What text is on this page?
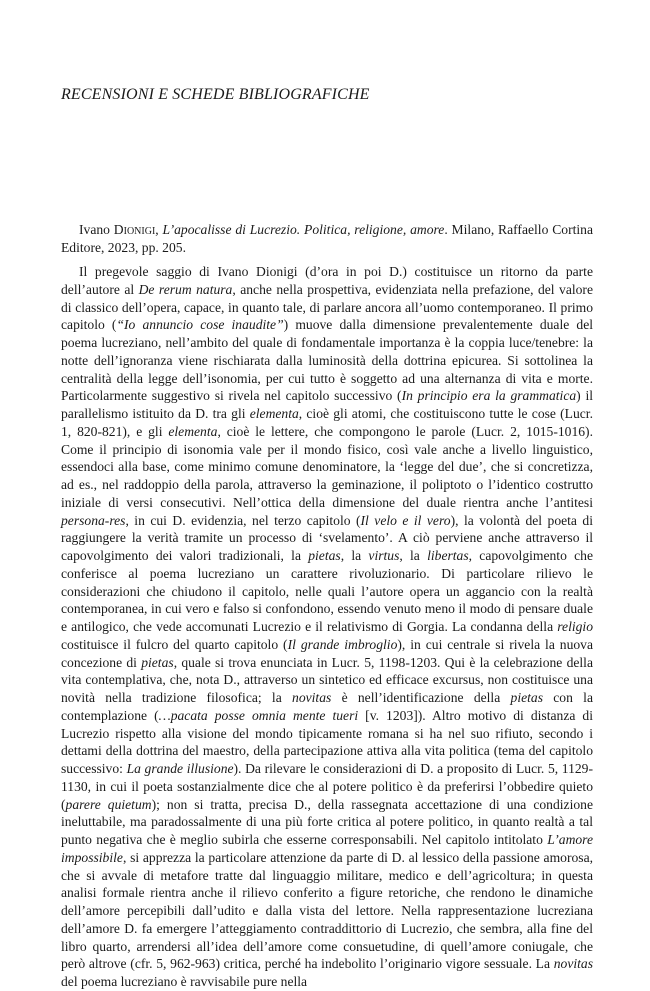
RECENSIONI E SCHEDE BIBLIOGRAFICHE

Ivano Dionigi, L’apocalisse di Lucrezio. Politica, religione, amore. Milano, Raffaello Cortina Editore, 2023, pp. 205.

Il pregevole saggio di Ivano Dionigi (d’ora in poi D.) costituisce un ritorno da parte dell’autore al De rerum natura, anche nella prospettiva, evidenziata nella prefazione, del valore di classico dell’opera, capace, in quanto tale, di parlare ancora all’uomo contemporaneo. Il primo capitolo (“Io annuncio cose inaudite”) muove dalla dimensione prevalentemente duale del poema lucreziano, nell’ambito del quale di fondamentale importanza è la coppia luce/tenebre: la notte dell’ignoranza viene rischiarata dalla luminosità della dottrina epicurea. Si sottolinea la centralità della legge dell’isonomia, per cui tutto è soggetto ad una alternanza di vita e morte. Particolarmente suggestivo si rivela nel capitolo successivo (In principio era la grammatica) il parallelismo istituito da D. tra gli elementa, cioè gli atomi, che costituiscono tutte le cose (Lucr. 1, 820-821), e gli elementa, cioè le lettere, che compongono le parole (Lucr. 2, 1015-1016). Come il principio di isonomia vale per il mondo fisico, così vale anche a livello linguistico, essendoci alla base, come minimo comune denominatore, la ‘legge del due’, che si concretizza, ad es., nel raddoppio della parola, attraverso la geminazione, il poliptoto o l’identico costrutto iniziale di versi consecutivi. Nell’ottica della dimensione del duale rientra anche l’antitesi persona-res, in cui D. evidenzia, nel terzo capitolo (Il velo e il vero), la volontà del poeta di raggiungere la verità tramite un processo di ‘svelamento’. A ciò perviene anche attraverso il capovolgimento dei valori tradizionali, la pietas, la virtus, la libertas, capovolgimento che conferisce al poema lucreziano un carattere rivoluzionario. Di particolare rilievo le considerazioni che chiudono il capitolo, nelle quali l’autore opera un aggancio con la realtà contemporanea, in cui vero e falso si confondono, essendo venuto meno il modo di pensare duale e antilogico, che vede accomunati Lucrezio e il relativismo di Gorgia. La condanna della religio costituisce il fulcro del quarto capitolo (Il grande imbroglio), in cui centrale si rivela la nuova concezione di pietas, quale si trova enunciata in Lucr. 5, 1198-1203. Qui è la celebrazione della vita contemplativa, che, nota D., attraverso un sintetico ed efficace excursus, non costituisce una novità nella tradizione filosofica; la novitas è nell’identificazione della pietas con la contemplazione (…pacata posse omnia mente tueri [v. 1203]). Altro motivo di distanza di Lucrezio rispetto alla visione del mondo tipicamente romana si ha nel suo rifiuto, secondo i dettami della dottrina del maestro, della partecipazione attiva alla vita politica (tema del capitolo successivo: La grande illusione). Da rilevare le considerazioni di D. a proposito di Lucr. 5, 1129-1130, in cui il poeta sostanzialmente dice che al potere politico è da preferirsi l’obbedire quieto (parere quietum); non si tratta, precisa D., della rassegnata accettazione di una condizione ineluttabile, ma paradossalmente di una più forte critica al potere politico, in quanto realtà a tal punto negativa che è meglio subirla che esserne corresponsabili. Nel capitolo intitolato L’amore impossibile, si apprezza la particolare attenzione da parte di D. al lessico della passione amorosa, che si avvale di metafore tratte dal linguaggio militare, medico e dell’agricoltura; in questa analisi formale rientra anche il rilievo conferito a figure retoriche, che rendono le dinamiche dell’amore percepibili dall’udito e dalla vista del lettore. Nella rappresentazione lucreziana dell’amore D. fa emergere l’atteggiamento contraddittorio di Lucrezio, che sembra, alla fine del libro quarto, arrendersi all’idea dell’amore come consuetudine, di quell’amore coniugale, che però altrove (cfr. 5, 962-963) critica, perché ha indebolito l’originario vigore sessuale. La novitas del poema lucreziano è ravvisabile pure nella
